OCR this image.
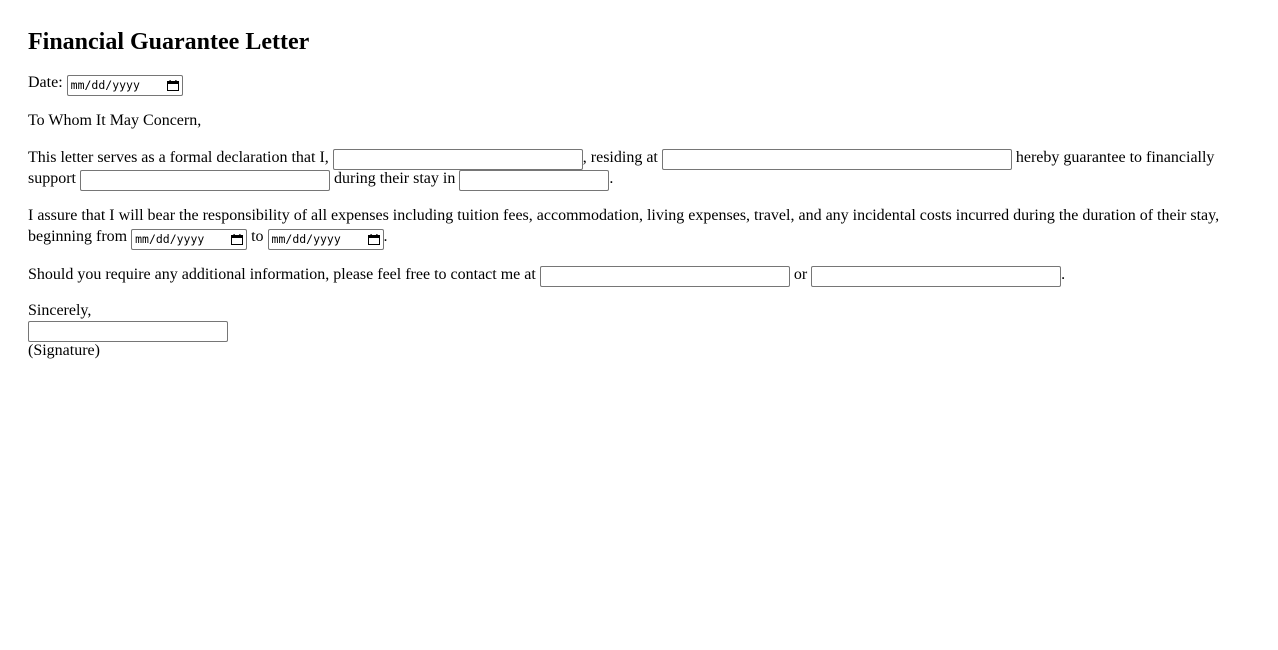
Financial Guarantee Letter

Date: mm/dd/yyyy

To Whom It May Concern,

This letter serves as a formal declaration that I,	, residing at	hereby guarantee to financially support	during their stay in	.

I assure that I will bear the responsibility of all expenses including tuition fees, accommodation, living expenses, travel, and any incidental costs incurred during the duration of their stay, beginning from mm/dd/yyyy	to mm/dd/yyyy	.

Should you require any additional information, please feel free to contact me at	or	.

Sincerely,

(Signature)
